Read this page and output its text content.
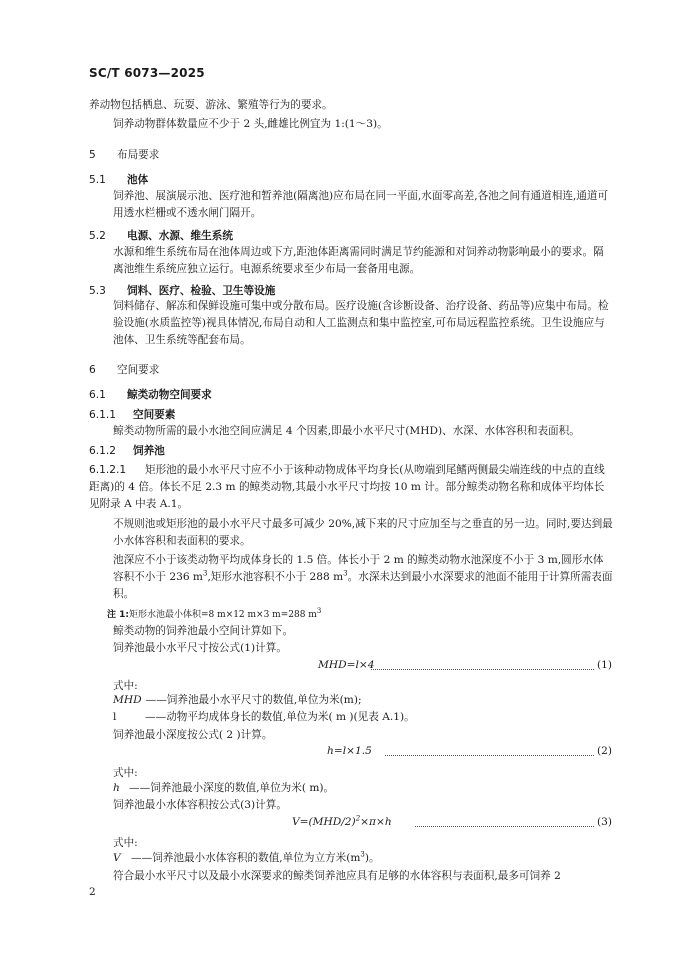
SC/T 6073—2025
养动物包括栖息、玩耍、游泳、繁殖等行为的要求。
饲养动物群体数量应不少于 2 头,雌雄比例宜为 1:(1～3)。
5 布局要求
5.1 池体
饲养池、展演展示池、医疗池和暂养池(隔离池)应布局在同一平面,水面零高差,各池之间有通道相连,通道可用透水栏栅或不透水闸门隔开。
5.2 电源、水源、维生系统
水源和维生系统布局在池体周边或下方,距池体距离需同时满足节约能源和对饲养动物影响最小的要求。隔离池维生系统应独立运行。电源系统要求至少布局一套备用电源。
5.3 饲料、医疗、检验、卫生等设施
饲料储存、解冻和保鲜设施可集中或分散布局。医疗设施(含诊断设备、治疗设备、药品等)应集中布局。检验设施(水质监控等)视具体情况,布局自动和人工监测点和集中监控室,可布局远程监控系统。卫生设施应与池体、卫生系统等配套布局。
6 空间要求
6.1 鲸类动物空间要求
6.1.1 空间要素
鲸类动物所需的最小水池空间应满足 4 个因素,即最小水平尺寸(MHD)、水深、水体容积和表面积。
6.1.2 饲养池
6.1.2.1 矩形池的最小水平尺寸应不小于该种动物成体平均身长(从吻端到尾鳍两侧最尖端连线的中点的直线距离)的 4 倍。体长不足 2.3 m 的鲸类动物,其最小水平尺寸均按 10 m 计。部分鲸类动物名称和成体平均体长见附录 A 中表 A.1。
不规则池或矩形池的最小水平尺寸最多可减少 20%,减下来的尺寸应加至与之垂直的另一边。同时,要达到最小水体容积和表面积的要求。
池深应不小于该类动物平均成体身长的 1.5 倍。体长小于 2 m 的鲸类动物水池深度不小于 3 m,圆形水体容积不小于 236 $m^3$,矩形水池容积不小于 288 $m^3$。水深未达到最小水深要求的池面不能用于计算所需表面积。
注 1:矩形水池最小体积=8 m×12 m×3 m=288 $m^3$
鲸类动物的饲养池最小空间计算如下。
饲养池最小水平尺寸按公式(1)计算。
MHD=l×4	(1)
式中:
MHD ——饲养池最小水平尺寸的数值,单位为米(m);
l	——动物平均成体身长的数值,单位为米( m )(见表 A.1)。
饲养池最小深度按公式( 2 )计算。
h=l×1.5	(2)
式中:
h ——饲养池最小深度的数值,单位为米( m)。
饲养池最小水体容积按公式(3)计算。
$V=(MHD/2)^2\times\pi\times h$	(3)
式中:
V ——饲养池最小水体容积的数值,单位为立方米$(m^3)$。
符合最小水平尺寸以及最小水深要求的鲸类饲养池应具有足够的水体容积与表面积,最多可饲养 2
2
